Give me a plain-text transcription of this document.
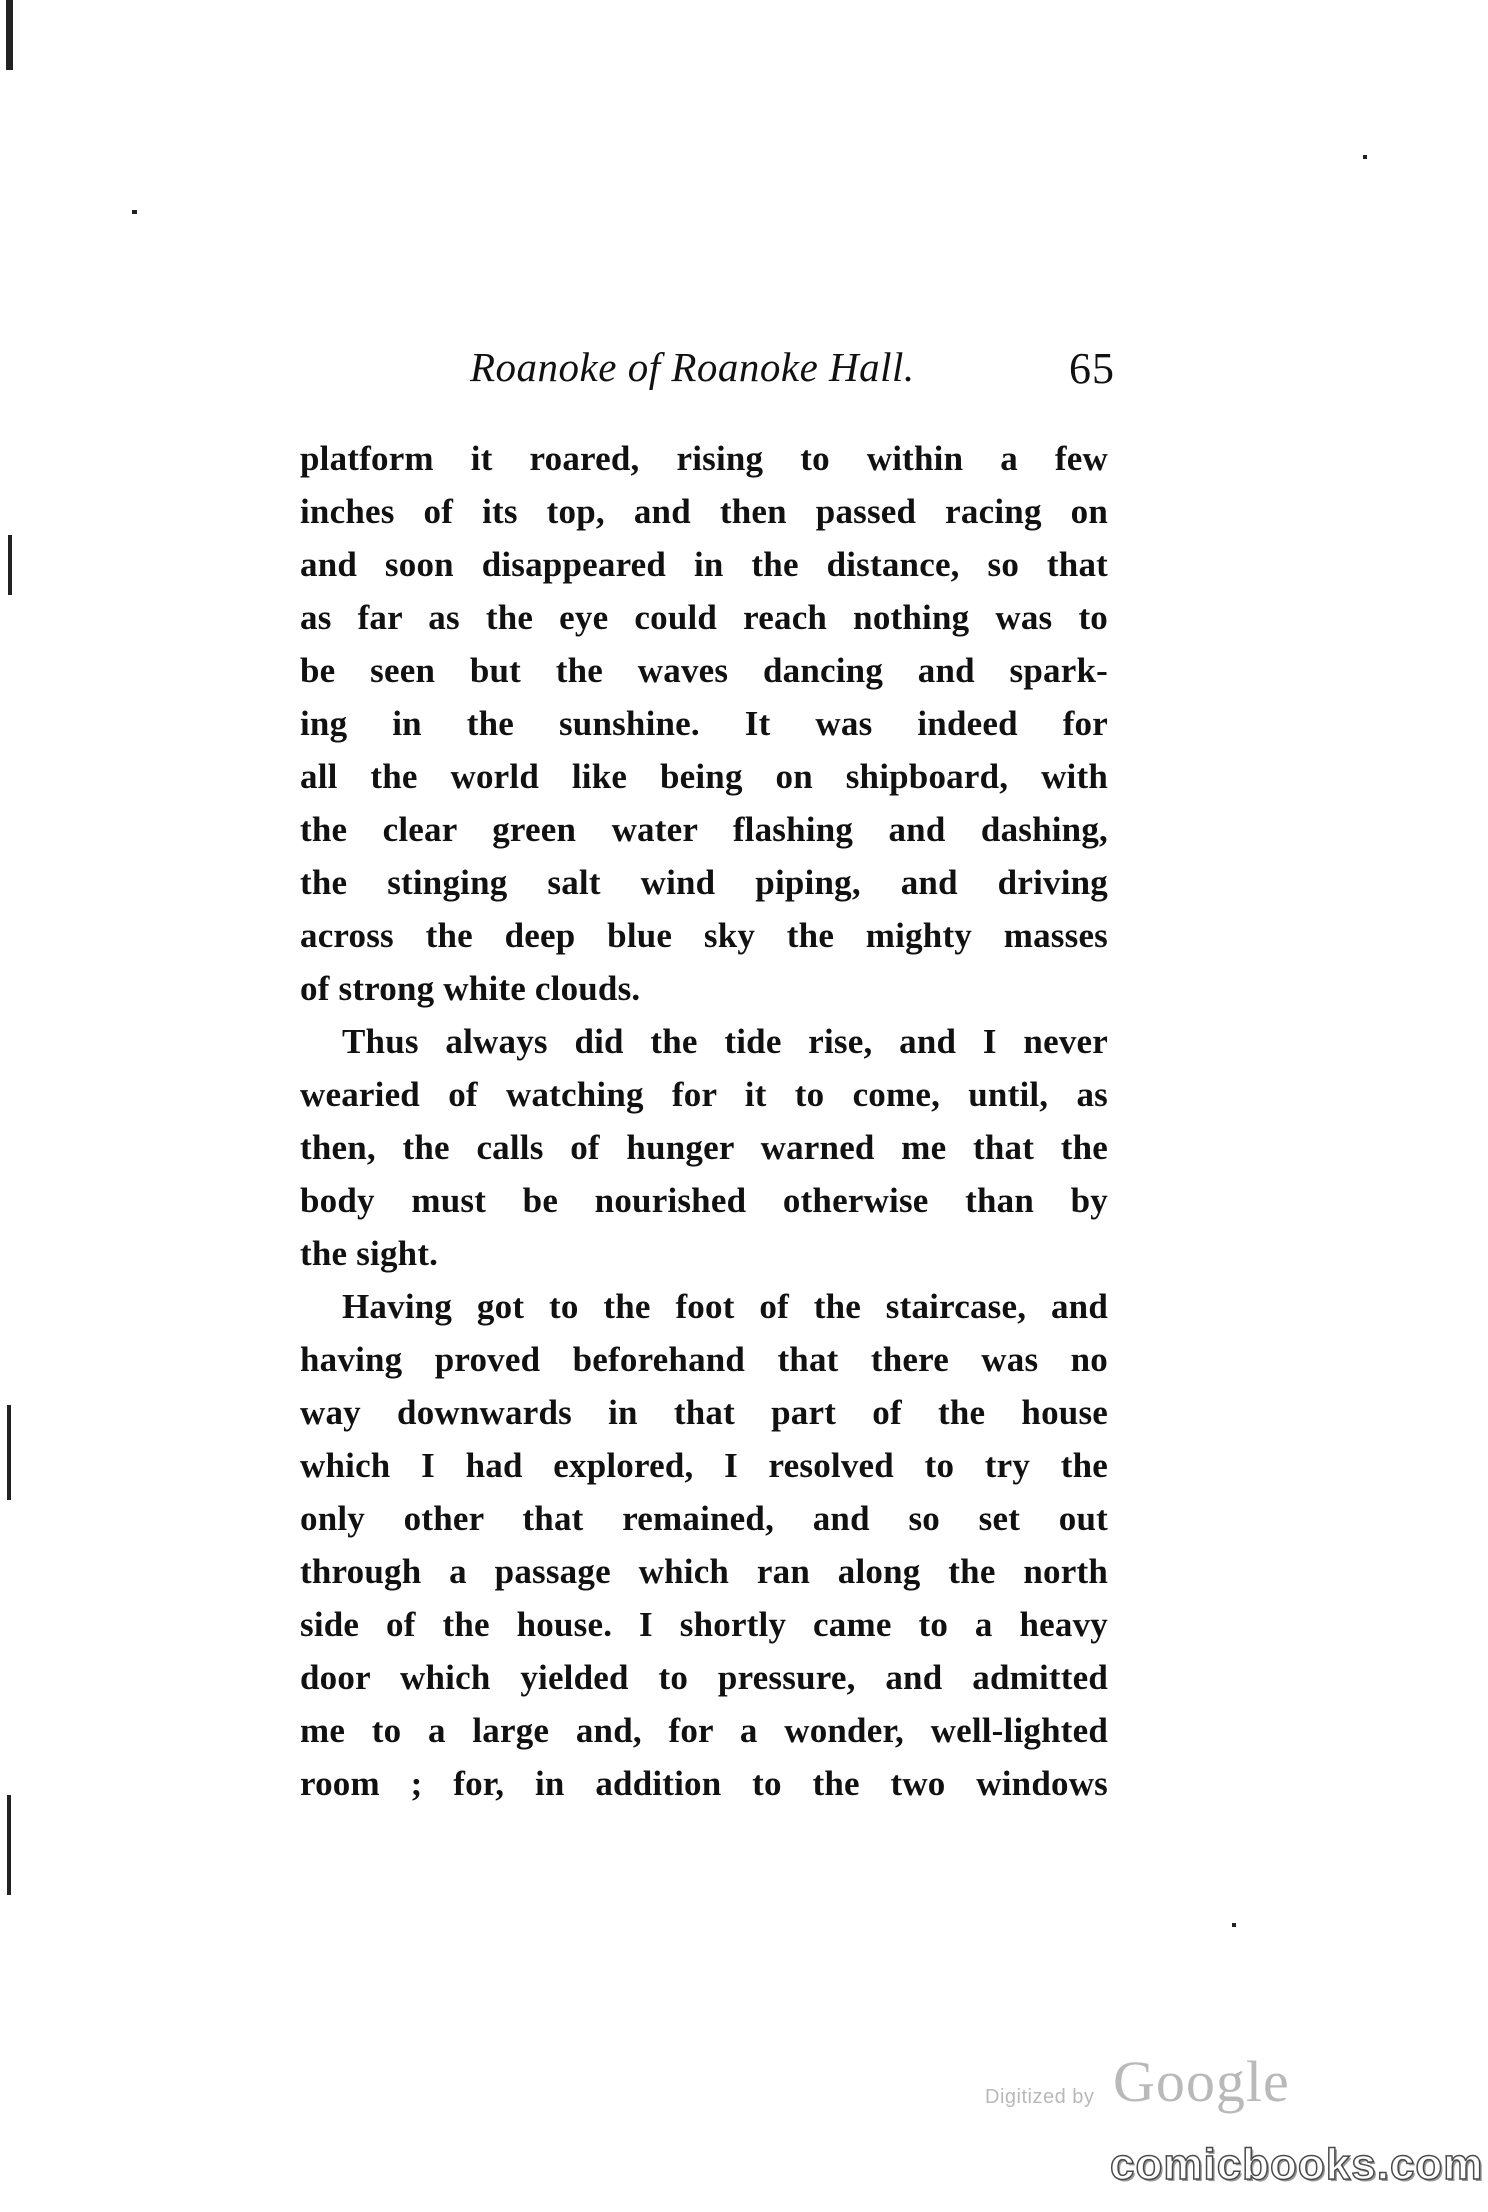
Roanoke of Roanoke Hall.	65
platform it roared, rising to within a few
inches of its top, and then passed racing on
and soon disappeared in the distance, so that
as far as the eye could reach nothing was to
be seen but the waves dancing and spark-
ing in the sunshine. It was indeed for
all the world like being on shipboard, with
the clear green water flashing and dashing,
the stinging salt wind piping, and driving
across the deep blue sky the mighty masses
of strong white clouds.
Thus always did the tide rise, and I never
wearied of watching for it to come, until, as
then, the calls of hunger warned me that the
body must be nourished otherwise than by
the sight.
Having got to the foot of the staircase, and
having proved beforehand that there was no
way downwards in that part of the house
which I had explored, I resolved to try the
only other that remained, and so set out
through a passage which ran along the north
side of the house. I shortly came to a heavy
door which yielded to pressure, and admitted
me to a large and, for a wonder, well-lighted
room ; for, in addition to the two windows
Digitized by Google
comicbooks.com
